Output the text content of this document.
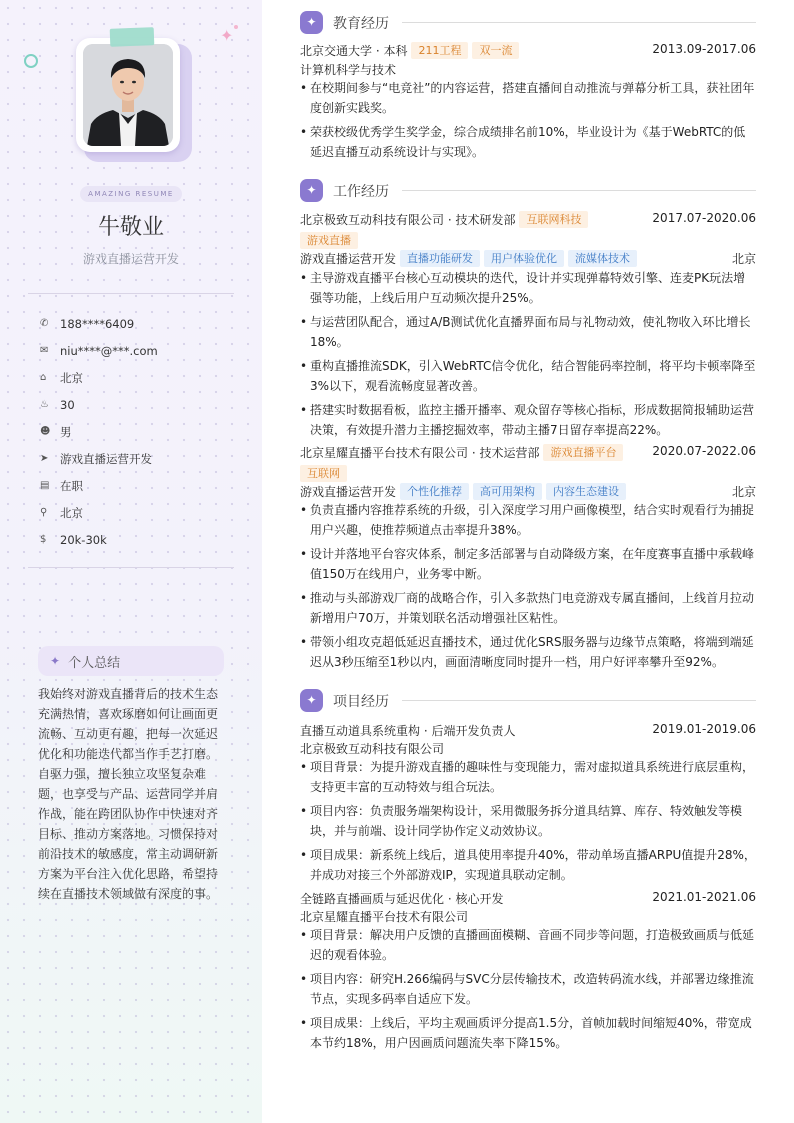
✦
AMAZING RESUME
牛敬业
游戏直播运营开发
✆	188****6409
✉	niu****@***.com
⌂	北京
♨ 30
☻ 男
➤	游戏直播运营开发
▤ 在职
⚲	北京
$	20k-30k
✦ 个人总结
我始终对游戏直播背后的技术生态充满热情，喜欢琢磨如何让画面更流畅、互动更有趣，把每一次延迟优化和功能迭代都当作手艺打磨。自驱力强，擅长独立攻坚复杂难题，也享受与产品、运营同学并肩作战，能在跨团队协作中快速对齐目标、推动方案落地。习惯保持对前沿技术的敏感度，常主动调研新方案为平台注入优化思路，希望持续在直播技术领域做有深度的事。
✦	教育经历
北京交通大学 · 本科 211工程 双一流	2013.09-2017.06
计算机科学与技术
• 在校期间参与“电竞社”的内容运营，搭建直播间自动推流与弹幕分析工具，获社团年度创新实践奖。
• 荣获校级优秀学生奖学金，综合成绩排名前10%，毕业设计为《基于WebRTC的低延迟直播互动系统设计与实现》。
✦	工作经历
北京极致互动科技有限公司 · 技术研发部 互联网科技	2017.07-2020.06
游戏直播
游戏直播运营开发 直播功能研发 用户体验优化 流媒体技术	北京
• 主导游戏直播平台核心互动模块的迭代，设计并实现弹幕特效引擎、连麦PK玩法增强等功能，上线后用户互动频次提升25%。
• 与运营团队配合，通过A/B测试优化直播界面布局与礼物动效，使礼物收入环比增长18%。
• 重构直播推流SDK，引入WebRTC信令优化，结合智能码率控制，将平均卡顿率降至3%以下，观看流畅度显著改善。
• 搭建实时数据看板，监控主播开播率、观众留存等核心指标，形成数据简报辅助运营决策，有效提升潜力主播挖掘效率，带动主播7日留存率提高22%。
北京星耀直播平台技术有限公司 · 技术运营部 游戏直播平台	2020.07-2022.06
互联网
游戏直播运营开发 个性化推荐 高可用架构 内容生态建设	北京
• 负责直播内容推荐系统的升级，引入深度学习用户画像模型，结合实时观看行为捕捉用户兴趣，使推荐频道点击率提升38%。
• 设计并落地平台容灾体系，制定多活部署与自动降级方案，在年度赛事直播中承载峰值150万在线用户，业务零中断。
• 推动与头部游戏厂商的战略合作，引入多款热门电竞游戏专属直播间，上线首月拉动新增用户70万，并策划联名活动增强社区粘性。
• 带领小组攻克超低延迟直播技术，通过优化SRS服务器与边缘节点策略，将端到端延迟从3秒压缩至1秒以内，画面清晰度同时提升一档，用户好评率攀升至92%。
✦	项目经历
直播互动道具系统重构 · 后端开发负责人	2019.01-2019.06
北京极致互动科技有限公司
• 项目背景：为提升游戏直播的趣味性与变现能力，需对虚拟道具系统进行底层重构，支持更丰富的互动特效与组合玩法。
• 项目内容：负责服务端架构设计，采用微服务拆分道具结算、库存、特效触发等模块，并与前端、设计同学协作定义动效协议。
• 项目成果：新系统上线后，道具使用率提升40%，带动单场直播ARPU值提升28%，并成功对接三个外部游戏IP，实现道具联动定制。
全链路直播画质与延迟优化 · 核心开发	2021.01-2021.06
北京星耀直播平台技术有限公司
• 项目背景：解决用户反馈的直播画面模糊、音画不同步等问题，打造极致画质与低延迟的观看体验。
• 项目内容：研究H.266编码与SVC分层传输技术，改造转码流水线，并部署边缘推流节点，实现多码率自适应下发。
• 项目成果：上线后，平均主观画质评分提高1.5分，首帧加载时间缩短40%，带宽成本节约18%，用户因画质问题流失率下降15%。
